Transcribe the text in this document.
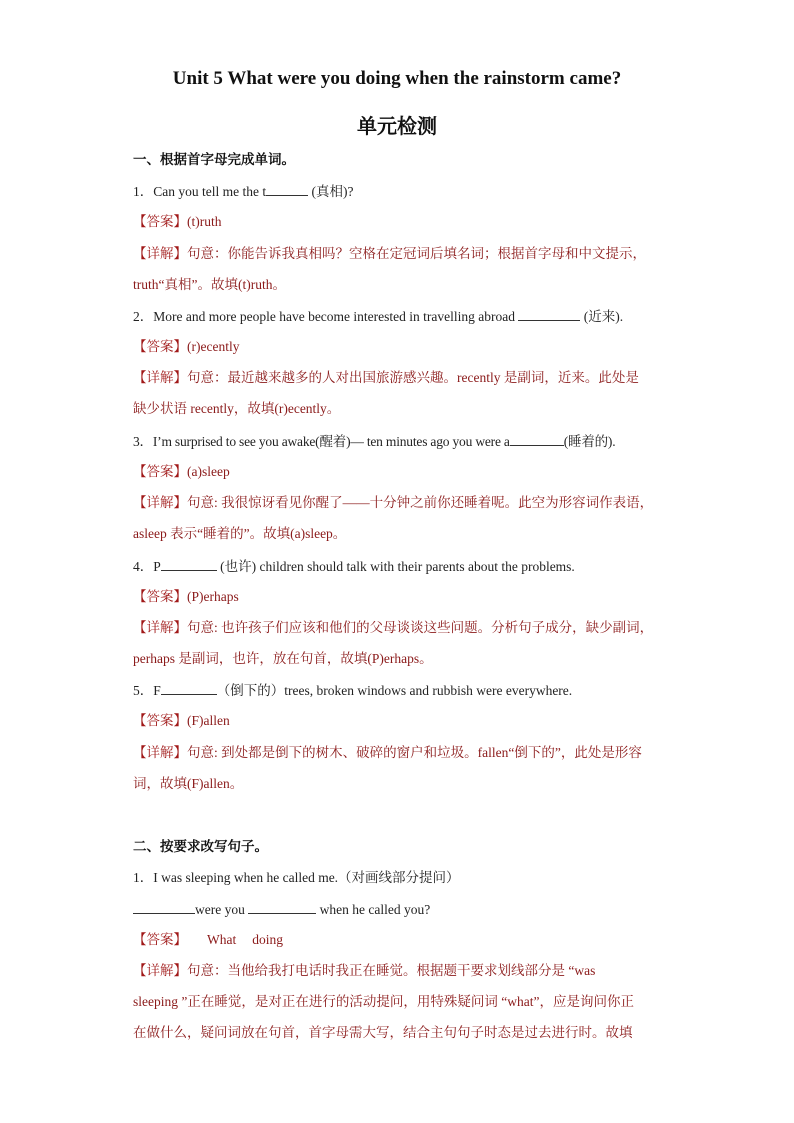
Unit 5 What were you doing when the rainstorm came?
单元检测
一、根据首字母完成单词。
1．Can you tell me the t	(真相)?
【答案】(t)ruth
【详解】句意：你能告诉我真相吗？空格在定冠词后填名词；根据首字母和中文提示，
truth“真相”。故填(t)ruth。
2．More and more people have become interested in travelling abroad	(近来).
【答案】(r)ecently
【详解】句意：最近越来越多的人对出国旅游感兴趣。recently 是副词，近来。此处是
缺少状语 recently，故填(r)ecently。
3．I’m surprised to see you awake(醒着)— ten minutes ago you were a	(睡着的).
【答案】(a)sleep
【详解】句意: 我很惊讶看见你醒了——十分钟之前你还睡着呢。此空为形容词作表语，
asleep 表示“睡着的”。故填(a)sleep。
4．P	(也许) children should talk with their parents about the problems.
【答案】(P)erhaps
【详解】句意: 也许孩子们应该和他们的父母谈谈这些问题。分析句子成分，缺少副词，
perhaps 是副词，也许，放在句首，故填(P)erhaps。
5．F	（倒下的）trees, broken windows and rubbish were everywhere.
【答案】(F)allen
【详解】句意: 到处都是倒下的树木、破碎的窗户和垃圾。fallen“倒下的”，此处是形容
词，故填(F)allen。
二、按要求改写句子。
1．I was sleeping when he called me.（对画线部分提问）
were you	when he called you?
【答案】 What doing
【详解】句意：当他给我打电话时我正在睡觉。根据题干要求划线部分是 “was
sleeping ”正在睡觉，是对正在进行的活动提问，用特殊疑问词 “what”，应是询问你正
在做什么，疑问词放在句首，首字母需大写，结合主句句子时态是过去进行时。故填
